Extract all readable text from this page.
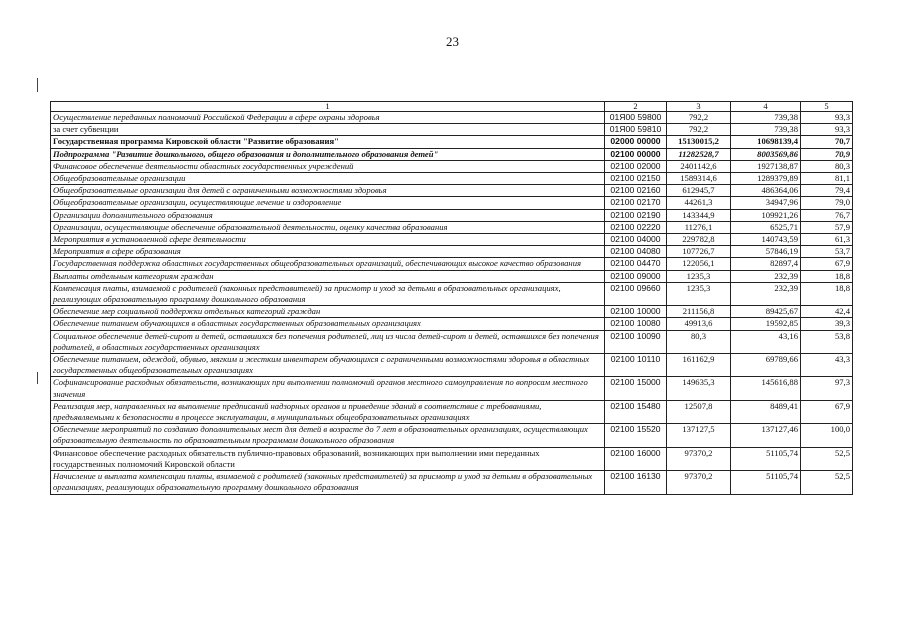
23
1	2	3	4	5
Осуществление переданных полномочий Российской Федерации в сфере охраны здоровья	01Я00 59800	792,2	739,38	93,3
за счет субвенции	01Я00 59810	792,2	739,38	93,3
Государственная программа Кировской области "Развитие образования"	02000 00000	15130015,2	10698139,4	70,7
Подпрограмма "Развитие дошкольного, общего образования и дополнительного образования детей"	02100 00000	11282528,7	8003569,86	70,9
Финансовое обеспечение деятельности областных государственных учреждений	02100 02000	2401142,6	1927138,87	80,3
Общеобразовательные организации	02100 02150	1589314,6	1289379,89	81,1
Общеобразовательные организации для детей с ограниченными возможностями здоровья	02100 02160	612945,7	486364,06	79,4
Общеобразовательные организации, осуществляющие лечение и оздоровление	02100 02170	44261,3	34947,96	79,0
Организации дополнительного образования	02100 02190	143344,9	109921,26	76,7
Организации, осуществляющие обеспечение образовательной деятельности, оценку качества образования	02100 02220	11276,1	6525,71	57,9
Мероприятия в установленной сфере деятельности	02100 04000	229782,8	140743,59	61,3
Мероприятия в сфере образования	02100 04080	107726,7	57846,19	53,7
Государственная поддержка областных государственных общеобразовательных организаций, обеспечивающих высокое качество образования	02100 04470	122056,1	82897,4	67,9
Выплаты отдельным категориям граждан	02100 09000	1235,3	232,39	18,8
Компенсация платы, взимаемой с родителей (законных представителей) за присмотр и уход за детьми в образовательных организациях, реализующих образовательную программу дошкольного образования	02100 09660	1235,3	232,39	18,8
Обеспечение мер социальной поддержки отдельных категорий граждан	02100 10000	211156,8	89425,67	42,4
Обеспечение питанием обучающихся в областных государственных образовательных организациях	02100 10080	49913,6	19592,85	39,3
Социальное обеспечение детей-сирот и детей, оставшихся без попечения родителей, лиц из числа детей-сирот и детей, оставшихся без попечения родителей, в областных государственных организациях	02100 10090	80,3	43,16	53,8
Обеспечение питанием, одеждой, обувью, мягким и жестким инвентарем обучающихся с ограниченными возможностями здоровья в областных государственных общеобразовательных организациях	02100 10110	161162,9	69789,66	43,3
Софинансирование расходных обязательств, возникающих при выполнении полномочий органов местного самоуправления по вопросам местного значения	02100 15000	149635,3	145616,88	97,3
Реализация мер, направленных на выполнение предписаний надзорных органов и приведение зданий в соответствие с требованиями, предъявляемыми к безопасности в процессе эксплуатации, в муниципальных общеобразовательных организациях	02100 15480	12507,8	8489,41	67,9
Обеспечение мероприятий по созданию дополнительных мест для детей в возрасте до 7 лет в образовательных организациях, осуществляющих образовательную деятельность по образовательным программам дошкольного образования	02100 15520	137127,5	137127,46	100,0
Финансовое обеспечение расходных обязательств публично-правовых образований, возникающих при выполнении ими переданных государственных полномочий Кировской области	02100 16000	97370,2	51105,74	52,5
Начисление и выплата компенсации платы, взимаемой с родителей (законных представителей) за присмотр и уход за детьми в образовательных организациях, реализующих образовательную программу дошкольного образования	02100 16130	97370,2	51105,74	52,5
